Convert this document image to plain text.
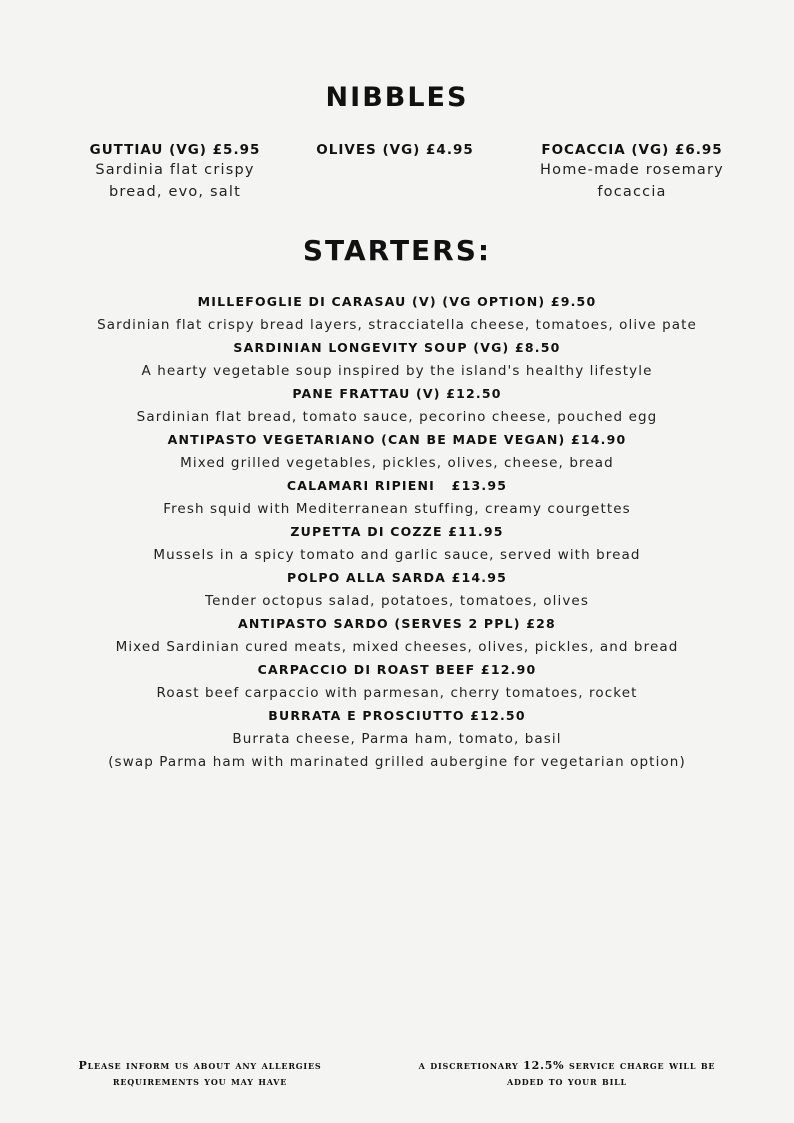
NIBBLES
GUTTIAU (VG) £5.95
Sardinia flat crispy
bread, evo, salt
OLIVES (VG) £4.95	FOCACCIA (VG) £6.95
Home-made rosemary
focaccia
STARTERS:
MILLEFOGLIE DI CARASAU (V) (VG OPTION) £9.50
Sardinian flat crispy bread layers, stracciatella cheese, tomatoes, olive pate
SARDINIAN LONGEVITY SOUP (VG) £8.50
A hearty vegetable soup inspired by the island's healthy lifestyle
PANE FRATTAU (V) £12.50
Sardinian flat bread, tomato sauce, pecorino cheese, pouched egg
ANTIPASTO VEGETARIANO (CAN BE MADE VEGAN) £14.90
Mixed grilled vegetables, pickles, olives, cheese, bread
CALAMARI RIPIENI   £13.95
Fresh squid with Mediterranean stuffing, creamy courgettes
ZUPETTA DI COZZE £11.95
Mussels in a spicy tomato and garlic sauce, served with bread
POLPO ALLA SARDA £14.95
Tender octopus salad, potatoes, tomatoes, olives
ANTIPASTO SARDO (SERVES 2 PPL) £28
Mixed Sardinian cured meats, mixed cheeses, olives, pickles, and bread
CARPACCIO DI ROAST BEEF £12.90
Roast beef carpaccio with parmesan, cherry tomatoes, rocket
BURRATA E PROSCIUTTO £12.50
Burrata cheese, Parma ham, tomato, basil
(swap Parma ham with marinated grilled aubergine for vegetarian option)
Please inform us about any allergies
requirements you may have
a discretionary 12.5% service charge will be
added to your bill
